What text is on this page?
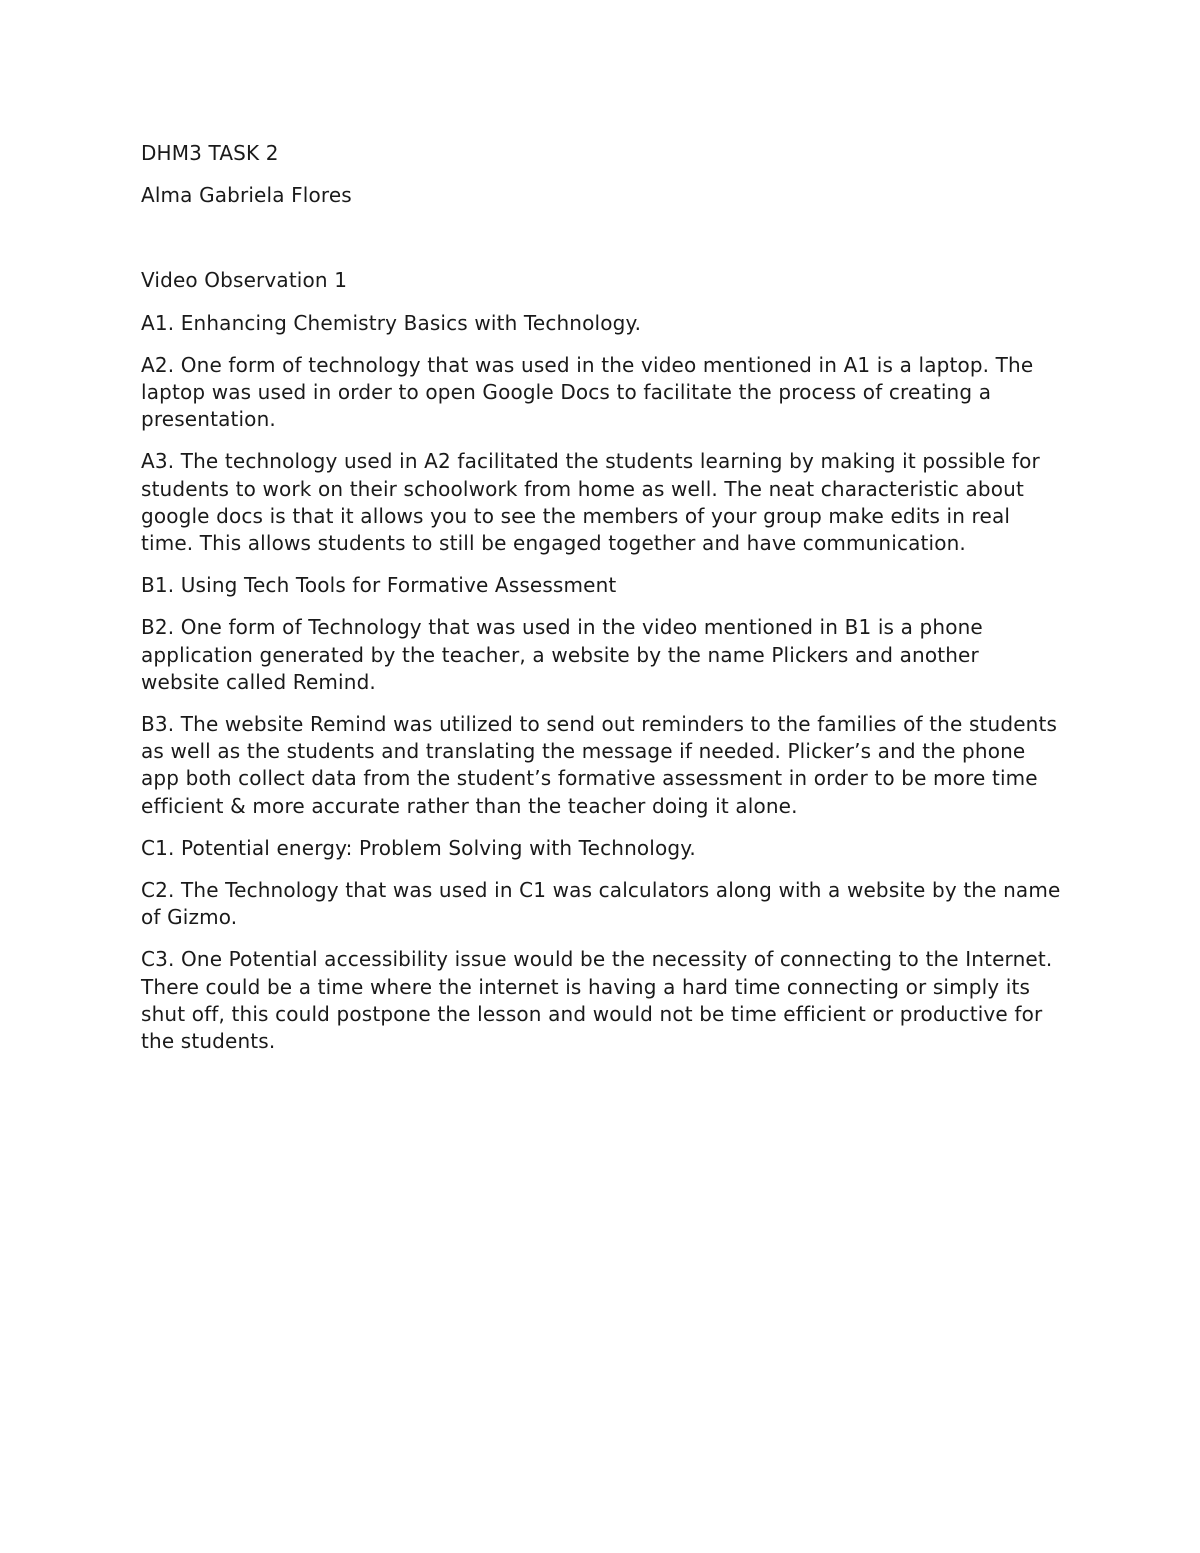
DHM3 TASK 2

Alma Gabriela Flores

Video Observation 1

A1. Enhancing Chemistry Basics with Technology.

A2. One form of technology that was used in the video mentioned in A1 is a laptop. The laptop was used in order to open Google Docs to facilitate the process of creating a presentation.

A3. The technology used in A2 facilitated the students learning by making it possible for students to work on their schoolwork from home as well. The neat characteristic about google docs is that it allows you to see the members of your group make edits in real time. This allows students to still be engaged together and have communication.

B1. Using Tech Tools for Formative Assessment

B2. One form of Technology that was used in the video mentioned in B1 is a phone application generated by the teacher, a website by the name Plickers and another website called Remind.

B3. The website Remind was utilized to send out reminders to the families of the students as well as the students and translating the message if needed. Plicker’s and the phone app both collect data from the student’s formative assessment in order to be more time efficient & more accurate rather than the teacher doing it alone.

C1. Potential energy: Problem Solving with Technology.

C2. The Technology that was used in C1 was calculators along with a website by the name of Gizmo.

C3. One Potential accessibility issue would be the necessity of connecting to the Internet. There could be a time where the internet is having a hard time connecting or simply its shut off, this could postpone the lesson and would not be time efficient or productive for the students.
